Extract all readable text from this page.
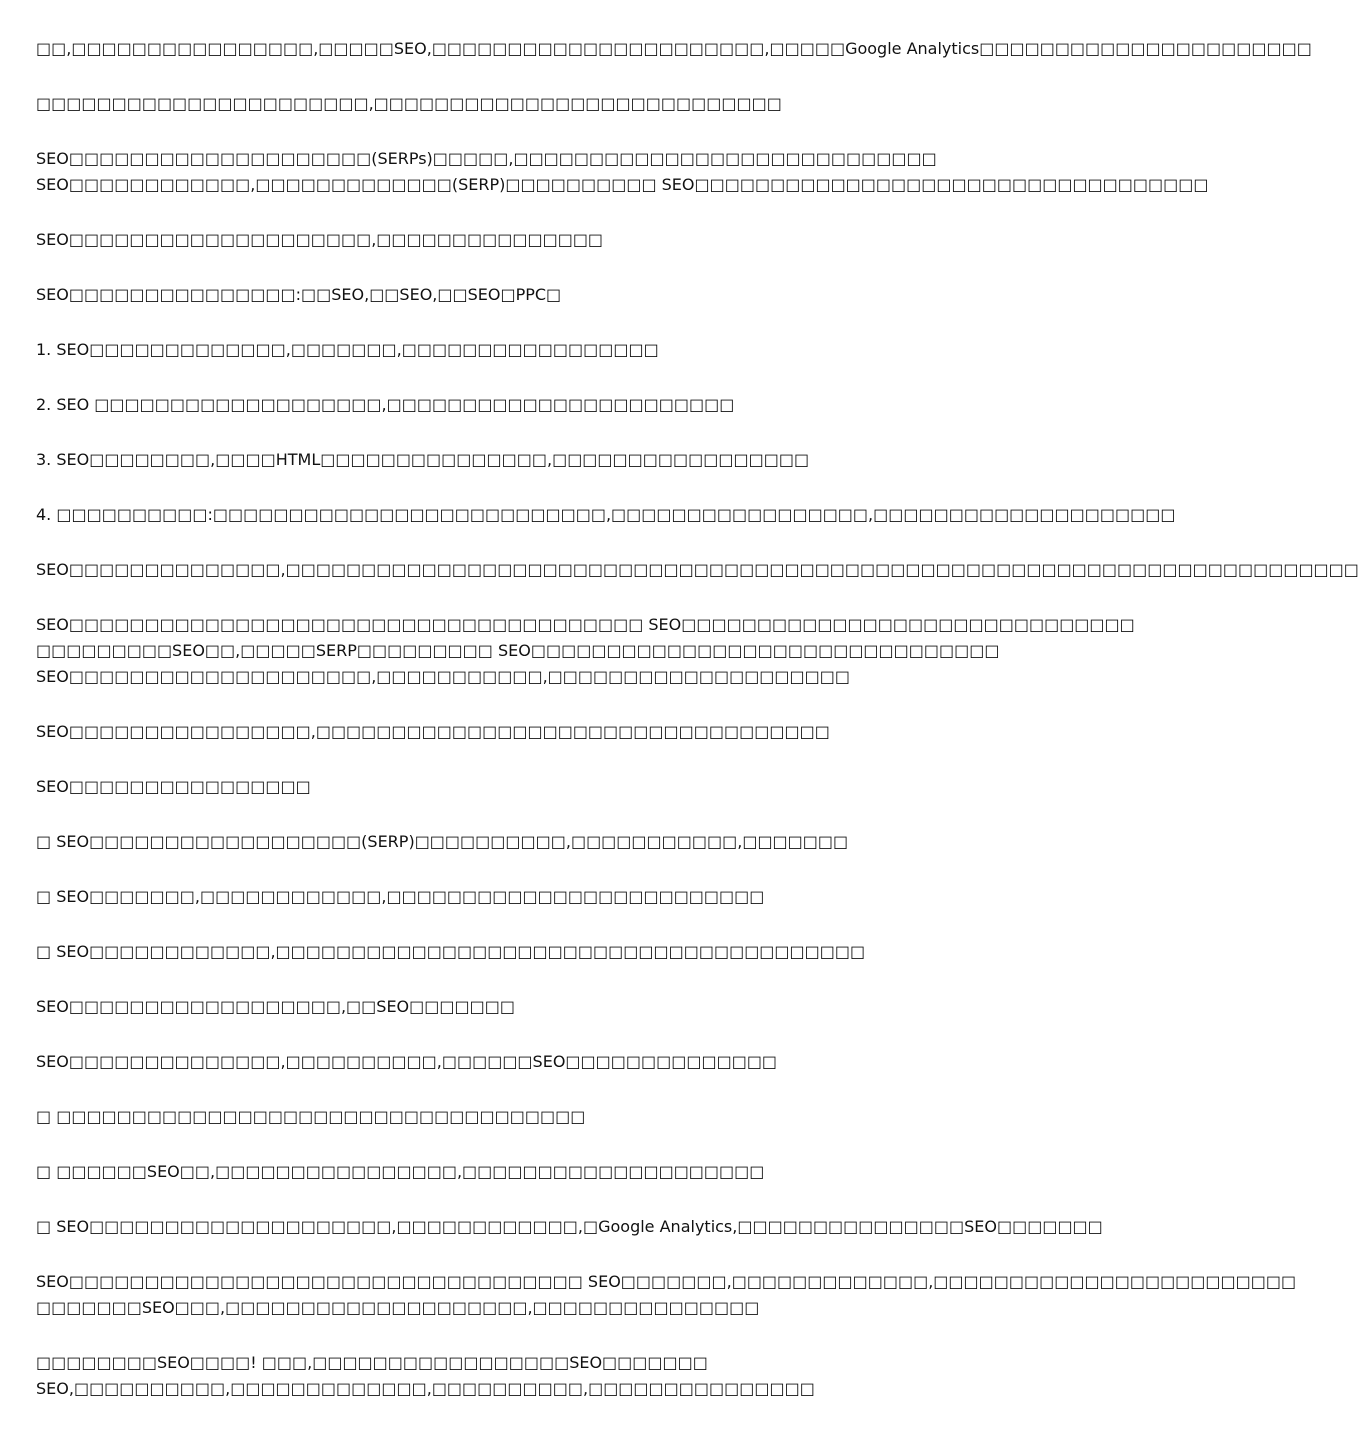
□□,□□□□□□□□□□□□□□□□,□□□□□SEO,□□□□□□□□□□□□□□□□□□□□□□,□□□□□Google Analytics□□□□□□□□□□□□□□□□□□□□□□

□□□□□□□□□□□□□□□□□□□□□□,□□□□□□□□□□□□□□□□□□□□□□□□□□□

SEO□□□□□□□□□□□□□□□□□□□□(SERPs)□□□□□,□□□□□□□□□□□□□□□□□□□□□□□□□□□□
SEO□□□□□□□□□□□□,□□□□□□□□□□□□□(SERP)□□□□□□□□□□ SEO□□□□□□□□□□□□□□□□□□□□□□□□□□□□□□□□□□

SEO□□□□□□□□□□□□□□□□□□□□,□□□□□□□□□□□□□□□

SEO□□□□□□□□□□□□□□□:□□SEO,□□SEO,□□SEO□PPC□

1. SEO□□□□□□□□□□□□□,□□□□□□□,□□□□□□□□□□□□□□□□□

2. SEO □□□□□□□□□□□□□□□□□□□,□□□□□□□□□□□□□□□□□□□□□□□

3. SEO□□□□□□□□,□□□□HTML□□□□□□□□□□□□□□□,□□□□□□□□□□□□□□□□□

4. □□□□□□□□□□:□□□□□□□□□□□□□□□□□□□□□□□□□□,□□□□□□□□□□□□□□□□□,□□□□□□□□□□□□□□□□□□□□

SEO□□□□□□□□□□□□□□,□□□□□□□□□□□□□□□□□□□□□□□□□□□□□□□□□□□□□□□□□□□□□□□□□□□□□□□□□□□□□□□□□□□□□□□

SEO□□□□□□□□□□□□□□□□□□□□□□□□□□□□□□□□□□□□□□ SEO□□□□□□□□□□□□□□□□□□□□□□□□□□□□□□
□□□□□□□□□SEO□□,□□□□□SERP□□□□□□□□□ SEO□□□□□□□□□□□□□□□□□□□□□□□□□□□□□□□
SEO□□□□□□□□□□□□□□□□□□□□,□□□□□□□□□□□,□□□□□□□□□□□□□□□□□□□□

SEO□□□□□□□□□□□□□□□□,□□□□□□□□□□□□□□□□□□□□□□□□□□□□□□□□□□

SEO□□□□□□□□□□□□□□□□

□ SEO□□□□□□□□□□□□□□□□□□(SERP)□□□□□□□□□□,□□□□□□□□□□□,□□□□□□□

□ SEO□□□□□□□,□□□□□□□□□□□□,□□□□□□□□□□□□□□□□□□□□□□□□□

□ SEO□□□□□□□□□□□□,□□□□□□□□□□□□□□□□□□□□□□□□□□□□□□□□□□□□□□□

SEO□□□□□□□□□□□□□□□□□□,□□SEO□□□□□□□

SEO□□□□□□□□□□□□□□,□□□□□□□□□□,□□□□□□SEO□□□□□□□□□□□□□□

□ □□□□□□□□□□□□□□□□□□□□□□□□□□□□□□□□□□□

□ □□□□□□SEO□□,□□□□□□□□□□□□□□□□,□□□□□□□□□□□□□□□□□□□□

□ SEO□□□□□□□□□□□□□□□□□□□□,□□□□□□□□□□□□,□Google Analytics,□□□□□□□□□□□□□□□SEO□□□□□□□

SEO□□□□□□□□□□□□□□□□□□□□□□□□□□□□□□□□□□ SEO□□□□□□□,□□□□□□□□□□□□□,□□□□□□□□□□□□□□□□□□□□□□□□
□□□□□□□SEO□□□,□□□□□□□□□□□□□□□□□□□□,□□□□□□□□□□□□□□□

□□□□□□□□SEO□□□□! □□□,□□□□□□□□□□□□□□□□□SEO□□□□□□□
SEO,□□□□□□□□□□,□□□□□□□□□□□□□,□□□□□□□□□□,□□□□□□□□□□□□□□□
